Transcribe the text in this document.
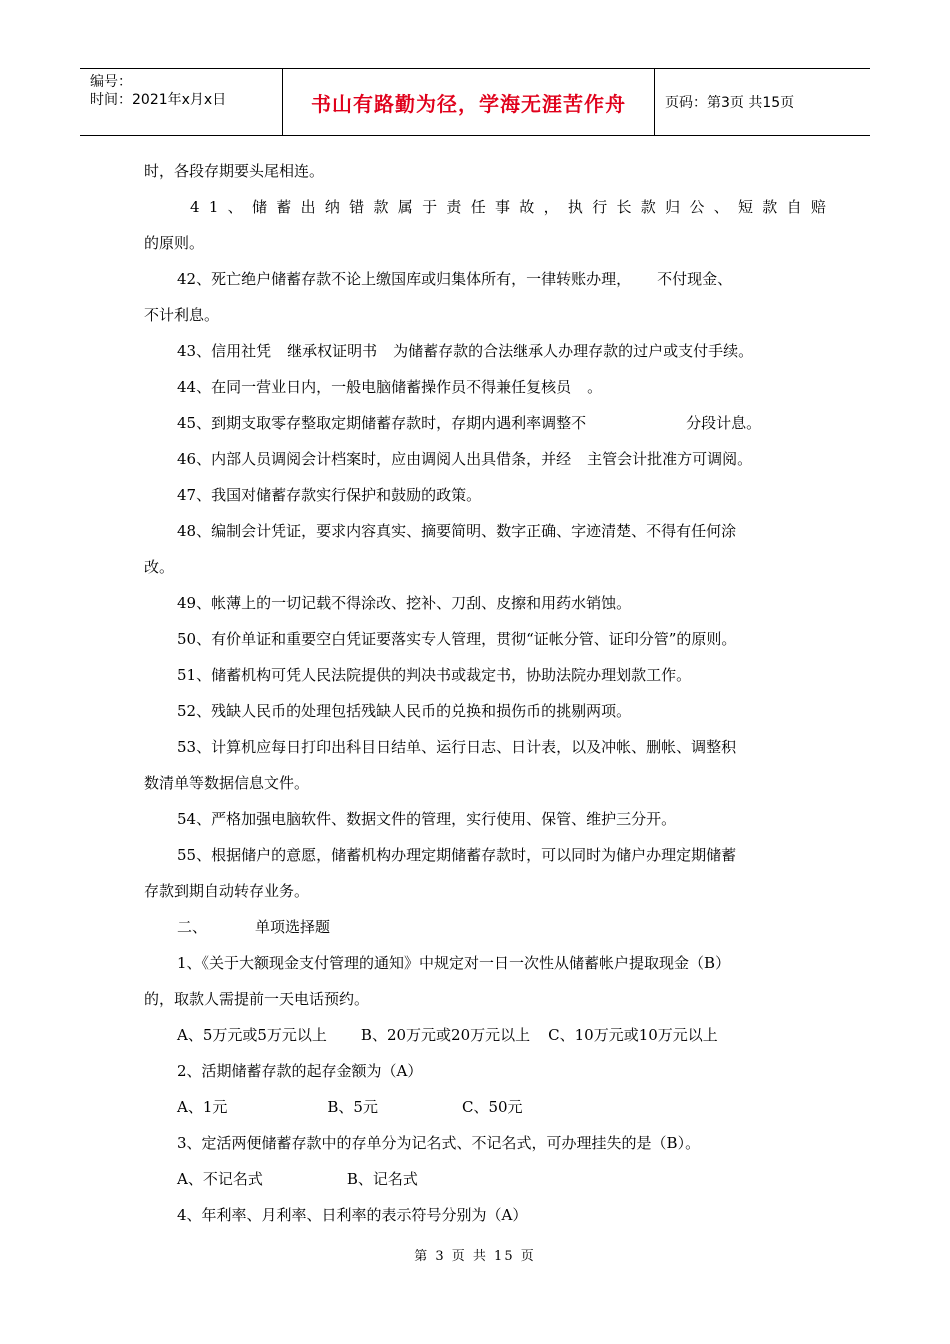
编号：
时间：2021年x月x日	书山有路勤为径，学海无涯苦作舟	页码：第3页 共15页

时，各段存期要头尾相连。

41、储蓄出纳错款属于责任事故，执行长款归公、短款自赔

的原则。

42、死亡绝户储蓄存款不论上缴国库或归集体所有，一律转账办理， 不付现金、

不计利息。

43、信用社凭 继承权证明书 为储蓄存款的合法继承人办理存款的过户或支付手续。

44、在同一营业日内，一般电脑储蓄操作员不得兼任复核员 。

45、到期支取零存整取定期储蓄存款时，存期内遇利率调整不	分段计息。

46、内部人员调阅会计档案时，应由调阅人出具借条，并经 主管会计批准方可调阅。

47、我国对储蓄存款实行保护和鼓励的政策。

48、编制会计凭证，要求内容真实、摘要简明、数字正确、字迹清楚、不得有任何涂

改。

49、帐薄上的一切记载不得涂改、挖补、刀刮、皮擦和用药水销蚀。

50、有价单证和重要空白凭证要落实专人管理，贯彻“证帐分管、证印分管”的原则。

51、储蓄机构可凭人民法院提供的判决书或裁定书，协助法院办理划款工作。

52、残缺人民币的处理包括残缺人民币的兑换和损伤币的挑剔两项。

53、计算机应每日打印出科目日结单、运行日志、日计表，以及冲帐、删帐、调整积

数清单等数据信息文件。

54、严格加强电脑软件、数据文件的管理，实行使用、保管、维护三分开。

55、根据储户的意愿，储蓄机构办理定期储蓄存款时，可以同时为储户办理定期储蓄

存款到期自动转存业务。

二、	单项选择题

1、《关于大额现金支付管理的通知》中规定对一日一次性从储蓄帐户提取现金（B）

的，取款人需提前一天电话预约。

A、5万元或5万元以上 B、20万元或20万元以上 C、10万元或10万元以上

2、活期储蓄存款的起存金额为（A）

A、1元	B、5元	C、50元

3、定活两便储蓄存款中的存单分为记名式、不记名式，可办理挂失的是（B）。

A、不记名式	B、记名式

4、年利率、月利率、日利率的表示符号分别为（A）

第 3 页 共 15 页
